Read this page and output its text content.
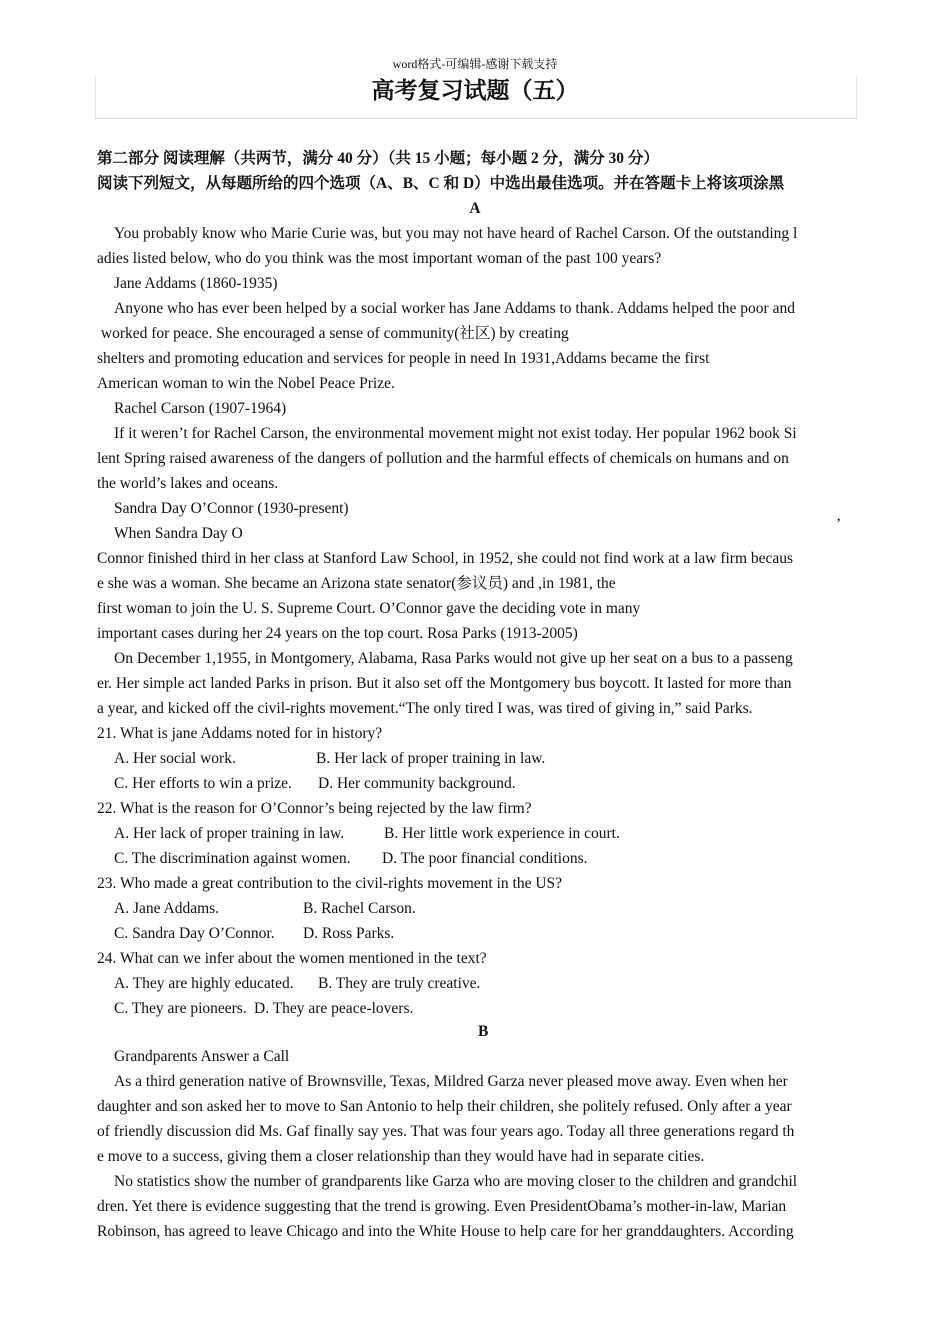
word格式-可编辑-感谢下载支持
高考复习试题（五）
第二部分 阅读理解（共两节，满分 40 分）（共 15 小题；每小题 2 分，满分 30 分）
阅读下列短文，从每题所给的四个选项（A、B、C 和 D）中选出最佳选项。并在答题卡上将该项涂黑
A
You probably know who Marie Curie was, but you may not have heard of Rachel Carson. Of the outstanding l
adies listed below, who do you think was the most important woman of the past 100 years?
Jane Addams (1860-1935)
Anyone who has ever been helped by a social worker has Jane Addams to thank. Addams helped the poor and
worked for peace. She encouraged a sense of community(社区) by creating
shelters and promoting education and services for people in need In 1931,Addams became the first
American woman to win the Nobel Peace Prize.
Rachel Carson (1907-1964)
If it weren’t for Rachel Carson, the environmental movement might not exist today. Her popular 1962 book Si
lent Spring raised awareness of the dangers of pollution and the harmful effects of chemicals on humans and on
the world’s lakes and oceans.
Sandra Day O’Connor (1930-present)
When Sandra Day O
’
Connor finished third in her class at Stanford Law School, in 1952, she could not find work at a law firm becaus
e she was a woman. She became an Arizona state senator(参议员) and ,in 1981, the
first woman to join the U. S. Supreme Court. O’Connor gave the deciding vote in many
important cases during her 24 years on the top court. Rosa Parks (1913-2005)
On December 1,1955, in Montgomery, Alabama, Rasa Parks would not give up her seat on a bus to a passeng
er. Her simple act landed Parks in prison. But it also set off the Montgomery bus boycott. It lasted for more than
a year, and kicked off the civil-rights movement.“The only tired I was, was tired of giving in,” said Parks.
21. What is jane Addams noted for in history?
A. Her social work.	B. Her lack of proper training in law.
C. Her efforts to win a prize. D. Her community background.
22. What is the reason for O’Connor’s being rejected by the law firm?
A. Her lack of proper training in law.	B. Her little work experience in court.
C. The discrimination against women. D. The poor financial conditions.
23. Who made a great contribution to the civil-rights movement in the US?
A. Jane Addams.	B. Rachel Carson.
C. Sandra Day O’Connor. D. Ross Parks.
24. What can we infer about the women mentioned in the text?
A. They are highly educated. B. They are truly creative.
C. They are pioneers. D. They are peace-lovers.
B
Grandparents Answer a Call
As a third generation native of Brownsville, Texas, Mildred Garza never pleased move away. Even when her
daughter and son asked her to move to San Antonio to help their children, she politely refused. Only after a year
of friendly discussion did Ms. Gaf finally say yes. That was four years ago. Today all three generations regard th
e move to a success, giving them a closer relationship than they would have had in separate cities.
No statistics show the number of grandparents like Garza who are moving closer to the children and grandchil
dren. Yet there is evidence suggesting that the trend is growing. Even PresidentObama’s mother-in-law, Marian
Robinson, has agreed to leave Chicago and into the White House to help care for her granddaughters. According
